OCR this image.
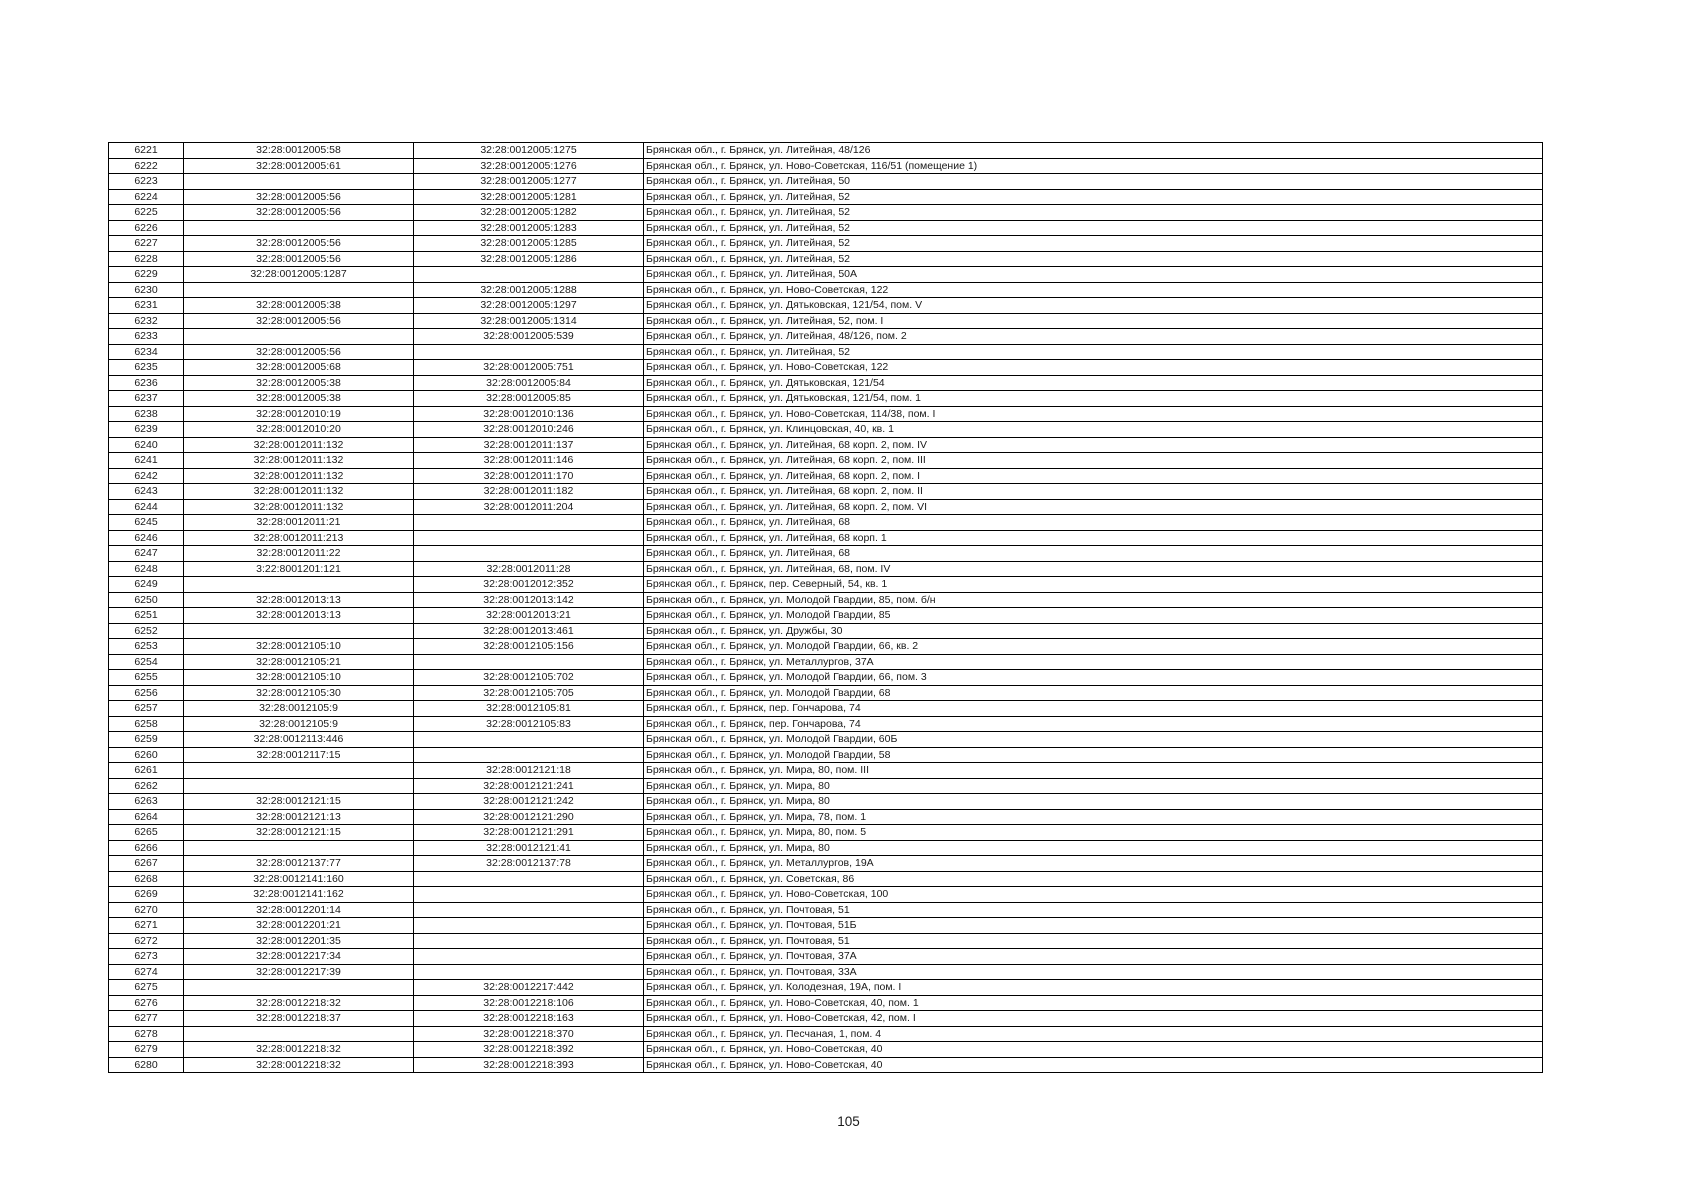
6221	32:28:0012005:58	32:28:0012005:1275	Брянская обл., г. Брянск, ул. Литейная, 48/126
6222	32:28:0012005:61	32:28:0012005:1276	Брянская обл., г. Брянск, ул. Ново-Советская, 116/51 (помещение 1)
6223		32:28:0012005:1277	Брянская обл., г. Брянск, ул. Литейная, 50
6224	32:28:0012005:56	32:28:0012005:1281	Брянская обл., г. Брянск, ул. Литейная, 52
6225	32:28:0012005:56	32:28:0012005:1282	Брянская обл., г. Брянск, ул. Литейная, 52
6226		32:28:0012005:1283	Брянская обл., г. Брянск, ул. Литейная, 52
6227	32:28:0012005:56	32:28:0012005:1285	Брянская обл., г. Брянск, ул. Литейная, 52
6228	32:28:0012005:56	32:28:0012005:1286	Брянская обл., г. Брянск, ул. Литейная, 52
6229	32:28:0012005:1287		Брянская обл., г. Брянск, ул. Литейная, 50А
6230		32:28:0012005:1288	Брянская обл., г. Брянск, ул. Ново-Советская, 122
6231	32:28:0012005:38	32:28:0012005:1297	Брянская обл., г. Брянск, ул. Дятьковская, 121/54, пом. V
6232	32:28:0012005:56	32:28:0012005:1314	Брянская обл., г. Брянск, ул. Литейная, 52, пом. I
6233		32:28:0012005:539	Брянская обл., г. Брянск, ул. Литейная, 48/126, пом. 2
6234	32:28:0012005:56		Брянская обл., г. Брянск, ул. Литейная, 52
6235	32:28:0012005:68	32:28:0012005:751	Брянская обл., г. Брянск, ул. Ново-Советская, 122
6236	32:28:0012005:38	32:28:0012005:84	Брянская обл., г. Брянск, ул. Дятьковская, 121/54
6237	32:28:0012005:38	32:28:0012005:85	Брянская обл., г. Брянск, ул. Дятьковская, 121/54, пом. 1
6238	32:28:0012010:19	32:28:0012010:136	Брянская обл., г. Брянск, ул. Ново-Советская, 114/38, пом. I
6239	32:28:0012010:20	32:28:0012010:246	Брянская обл., г. Брянск, ул. Клинцовская, 40, кв. 1
6240	32:28:0012011:132	32:28:0012011:137	Брянская обл., г. Брянск, ул. Литейная, 68 корп. 2, пом. IV
6241	32:28:0012011:132	32:28:0012011:146	Брянская обл., г. Брянск, ул. Литейная, 68 корп. 2, пом. III
6242	32:28:0012011:132	32:28:0012011:170	Брянская обл., г. Брянск, ул. Литейная, 68 корп. 2, пом. I
6243	32:28:0012011:132	32:28:0012011:182	Брянская обл., г. Брянск, ул. Литейная, 68 корп. 2, пом. II
6244	32:28:0012011:132	32:28:0012011:204	Брянская обл., г. Брянск, ул. Литейная, 68 корп. 2, пом. VI
6245	32:28:0012011:21		Брянская обл., г. Брянск, ул. Литейная, 68
6246	32:28:0012011:213		Брянская обл., г. Брянск, ул. Литейная, 68 корп. 1
6247	32:28:0012011:22		Брянская обл., г. Брянск, ул. Литейная, 68
6248	3:22:8001201:121	32:28:0012011:28	Брянская обл., г. Брянск, ул. Литейная, 68, пом. IV
6249		32:28:0012012:352	Брянская обл., г. Брянск, пер. Северный, 54, кв. 1
6250	32:28:0012013:13	32:28:0012013:142	Брянская обл., г. Брянск, ул. Молодой Гвардии, 85, пом. б/н
6251	32:28:0012013:13	32:28:0012013:21	Брянская обл., г. Брянск, ул. Молодой Гвардии, 85
6252		32:28:0012013:461	Брянская обл., г. Брянск, ул. Дружбы, 30
6253	32:28:0012105:10	32:28:0012105:156	Брянская обл., г. Брянск, ул. Молодой Гвардии, 66, кв. 2
6254	32:28:0012105:21		Брянская обл., г. Брянск, ул. Металлургов, 37А
6255	32:28:0012105:10	32:28:0012105:702	Брянская обл., г. Брянск, ул. Молодой Гвардии, 66, пом. 3
6256	32:28:0012105:30	32:28:0012105:705	Брянская обл., г. Брянск, ул. Молодой Гвардии, 68
6257	32:28:0012105:9	32:28:0012105:81	Брянская обл., г. Брянск, пер. Гончарова, 74
6258	32:28:0012105:9	32:28:0012105:83	Брянская обл., г. Брянск, пер. Гончарова, 74
6259	32:28:0012113:446		Брянская обл., г. Брянск, ул. Молодой Гвардии, 60Б
6260	32:28:0012117:15		Брянская обл., г. Брянск, ул. Молодой Гвардии, 58
6261		32:28:0012121:18	Брянская обл., г. Брянск, ул. Мира, 80, пом. III
6262		32:28:0012121:241	Брянская обл., г. Брянск, ул. Мира, 80
6263	32:28:0012121:15	32:28:0012121:242	Брянская обл., г. Брянск, ул. Мира, 80
6264	32:28:0012121:13	32:28:0012121:290	Брянская обл., г. Брянск, ул. Мира, 78, пом. 1
6265	32:28:0012121:15	32:28:0012121:291	Брянская обл., г. Брянск, ул. Мира, 80, пом. 5
6266		32:28:0012121:41	Брянская обл., г. Брянск, ул. Мира, 80
6267	32:28:0012137:77	32:28:0012137:78	Брянская обл., г. Брянск, ул. Металлургов, 19А
6268	32:28:0012141:160		Брянская обл., г. Брянск, ул. Советская, 86
6269	32:28:0012141:162		Брянская обл., г. Брянск, ул. Ново-Советская, 100
6270	32:28:0012201:14		Брянская обл., г. Брянск, ул. Почтовая, 51
6271	32:28:0012201:21		Брянская обл., г. Брянск, ул. Почтовая, 51Б
6272	32:28:0012201:35		Брянская обл., г. Брянск, ул. Почтовая, 51
6273	32:28:0012217:34		Брянская обл., г. Брянск, ул. Почтовая, 37А
6274	32:28:0012217:39		Брянская обл., г. Брянск, ул. Почтовая, 33А
6275		32:28:0012217:442	Брянская обл., г. Брянск, ул. Колодезная, 19А, пом. I
6276	32:28:0012218:32	32:28:0012218:106	Брянская обл., г. Брянск, ул. Ново-Советская, 40, пом. 1
6277	32:28:0012218:37	32:28:0012218:163	Брянская обл., г. Брянск, ул. Ново-Советская, 42, пом. I
6278		32:28:0012218:370	Брянская обл., г. Брянск, ул. Песчаная, 1, пом. 4
6279	32:28:0012218:32	32:28:0012218:392	Брянская обл., г. Брянск, ул. Ново-Советская, 40
6280	32:28:0012218:32	32:28:0012218:393	Брянская обл., г. Брянск, ул. Ново-Советская, 40
105
